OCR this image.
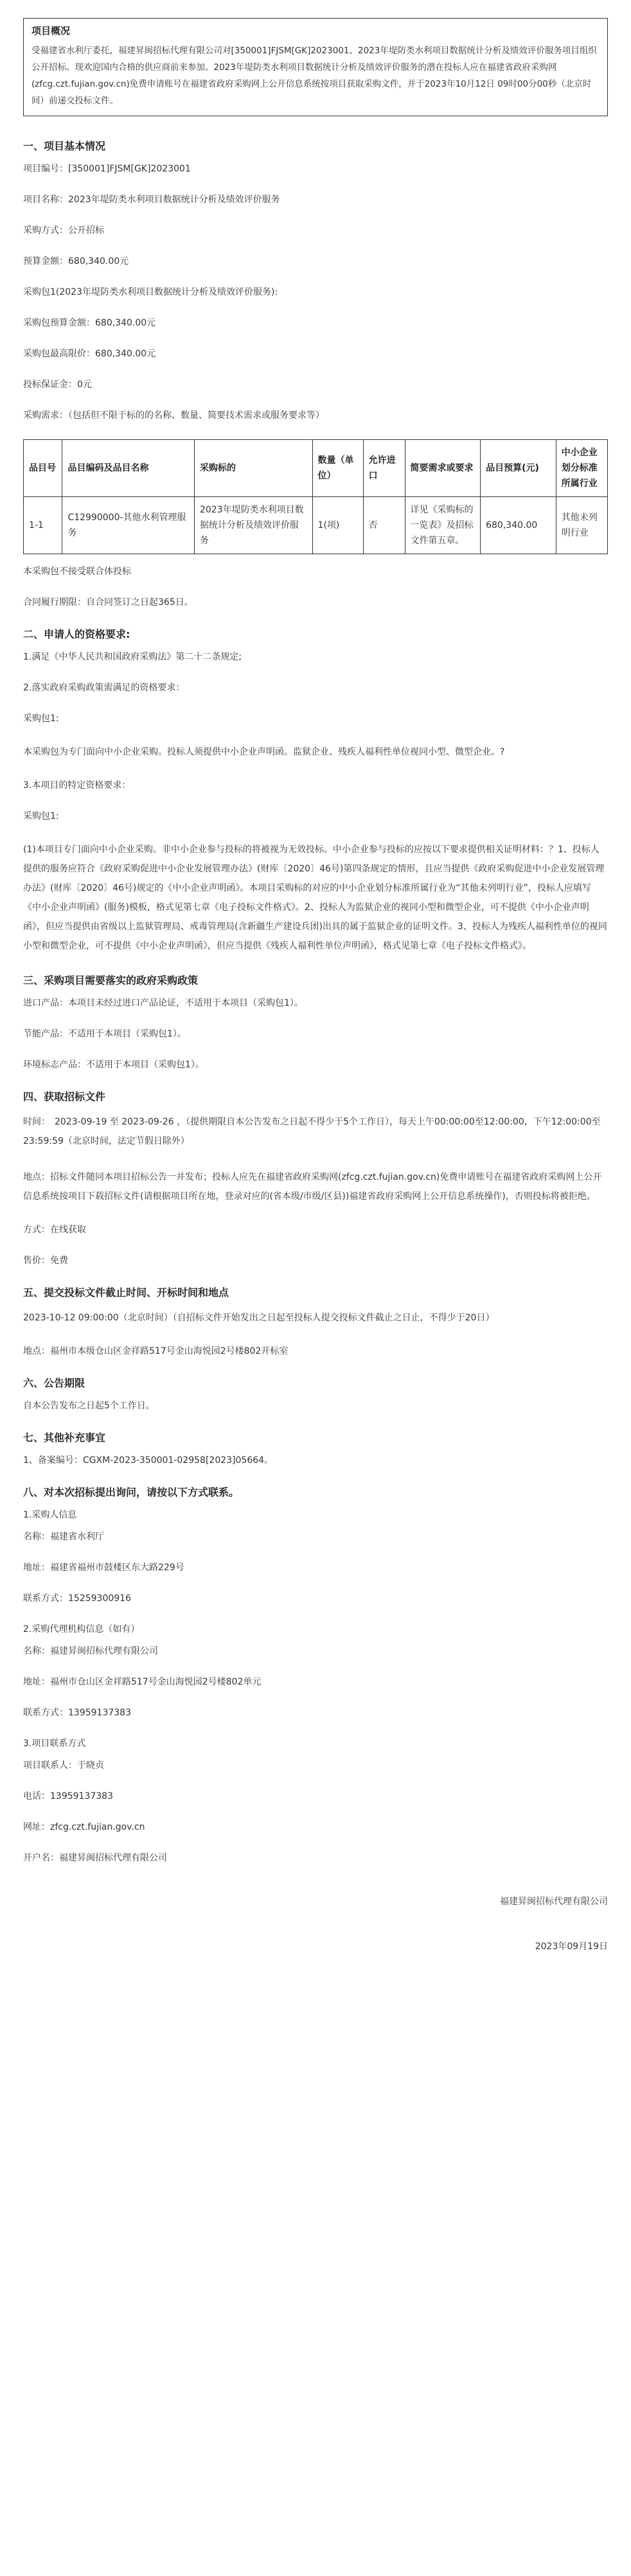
项目概况
受福建省水利厅委托，福建昇闽招标代理有限公司对[350001]FJSM[GK]2023001、2023年堤防类水利项目数据统计分析及绩效评价服务项目组织公开招标。现欢迎国内合格的供应商前来参加。2023年堤防类水利项目数据统计分析及绩效评价服务的潜在投标人应在福建省政府采购网(zfcg.czt.fujian.gov.cn)免费申请账号在福建省政府采购网上公开信息系统按项目获取采购文件，并于2023年10月12日 09时00分00秒（北京时间）前递交投标文件。
一、项目基本情况

项目编号：[350001]FJSM[GK]2023001

项目名称：2023年堤防类水利项目数据统计分析及绩效评价服务

采购方式：公开招标

预算金额：680,340.00元

采购包1(2023年堤防类水利项目数据统计分析及绩效评价服务):

采购包预算金额：680,340.00元

采购包最高限价：680,340.00元

投标保证金：0元

采购需求：（包括但不限于标的的名称、数量、简要技术需求或服务要求等）

品目号	品目编码及品目名称	采购标的	数量（单位）	允许进口	简要需求或要求	品目预算(元)	中小企业划分标准所属行业
1-1	C12990000-其他水利管理服务	2023年堤防类水利项目数据统计分析及绩效评价服务	1(项)	否	详见《采购标的一览表》及招标文件第五章。	680,340.00	其他未列明行业

本采购包不接受联合体投标

合同履行期限：自合同签订之日起365日。

二、申请人的资格要求:

1.满足《中华人民共和国政府采购法》第二十二条规定;

2.落实政府采购政策需满足的资格要求：

采购包1:

本采购包为专门面向中小企业采购。投标人须提供中小企业声明函。监狱企业、残疾人福利性单位视同小型、微型企业。?

3.本项目的特定资格要求：

采购包1:

(1)本项目专门面向中小企业采购。非中小企业参与投标的将被视为无效投标。中小企业参与投标的应按以下要求提供相关证明材料：？1、投标人提供的服务应符合《政府采购促进中小企业发展管理办法》(财库〔2020〕46号)第四条规定的情形，且应当提供《政府采购促进中小企业发展管理办法》(财库〔2020〕46号)规定的《中小企业声明函》。本项目采购标的对应的中小企业划分标准所属行业为“其他未列明行业”，投标人应填写《中小企业声明函》(服务)模板，格式见第七章《电子投标文件格式》。2、投标人为监狱企业的视同小型和微型企业，可不提供《中小企业声明函》，但应当提供由省级以上监狱管理局、戒毒管理局(含新疆生产建设兵团)出具的属于监狱企业的证明文件。3、投标人为残疾人福利性单位的视同小型和微型企业，可不提供《中小企业声明函》，但应当提供《残疾人福利性单位声明函》，格式见第七章《电子投标文件格式》。

三、采购项目需要落实的政府采购政策

进口产品：本项目未经过进口产品论证，不适用于本项目（采购包1）。

节能产品：不适用于本项目（采购包1）。

环境标志产品：不适用于本项目（采购包1）。

四、获取招标文件

时间：　2023-09-19 至 2023-09-26 ，（提供期限自本公告发布之日起不得少于5个工作日），每天上午00:00:00至12:00:00，下午12:00:00至23:59:59（北京时间，法定节假日除外）

地点：招标文件随同本项目招标公告一并发布；投标人应先在福建省政府采购网(zfcg.czt.fujian.gov.cn)免费申请账号在福建省政府采购网上公开信息系统按项目下载招标文件(请根据项目所在地，登录对应的(省本级/市级/区县))福建省政府采购网上公开信息系统操作)，否则投标将被拒绝。

方式：在线获取

售价：免费

五、提交投标文件截止时间、开标时间和地点

2023-10-12 09:00:00（北京时间）（自招标文件开始发出之日起至投标人提交投标文件截止之日止，不得少于20日）

地点：福州市本级仓山区金祥路517号金山海悦园2号楼802开标室

六、公告期限

自本公告发布之日起5个工作日。

七、其他补充事宜

1、备案编号：CGXM-2023-350001-02958[2023]05664。

八、对本次招标提出询问，请按以下方式联系。

1.采购人信息

名称：福建省水利厅

地址：福建省福州市鼓楼区东大路229号

联系方式：15259300916

2.采购代理机构信息（如有）

名称：福建昇闽招标代理有限公司

地址：福州市仓山区金祥路517号金山海悦园2号楼802单元

联系方式：13959137383

3.项目联系方式

项目联系人：于晓贞

电话：13959137383

网址：zfcg.czt.fujian.gov.cn

开户名：福建昇闽招标代理有限公司

福建昇闽招标代理有限公司
2023年09月19日
